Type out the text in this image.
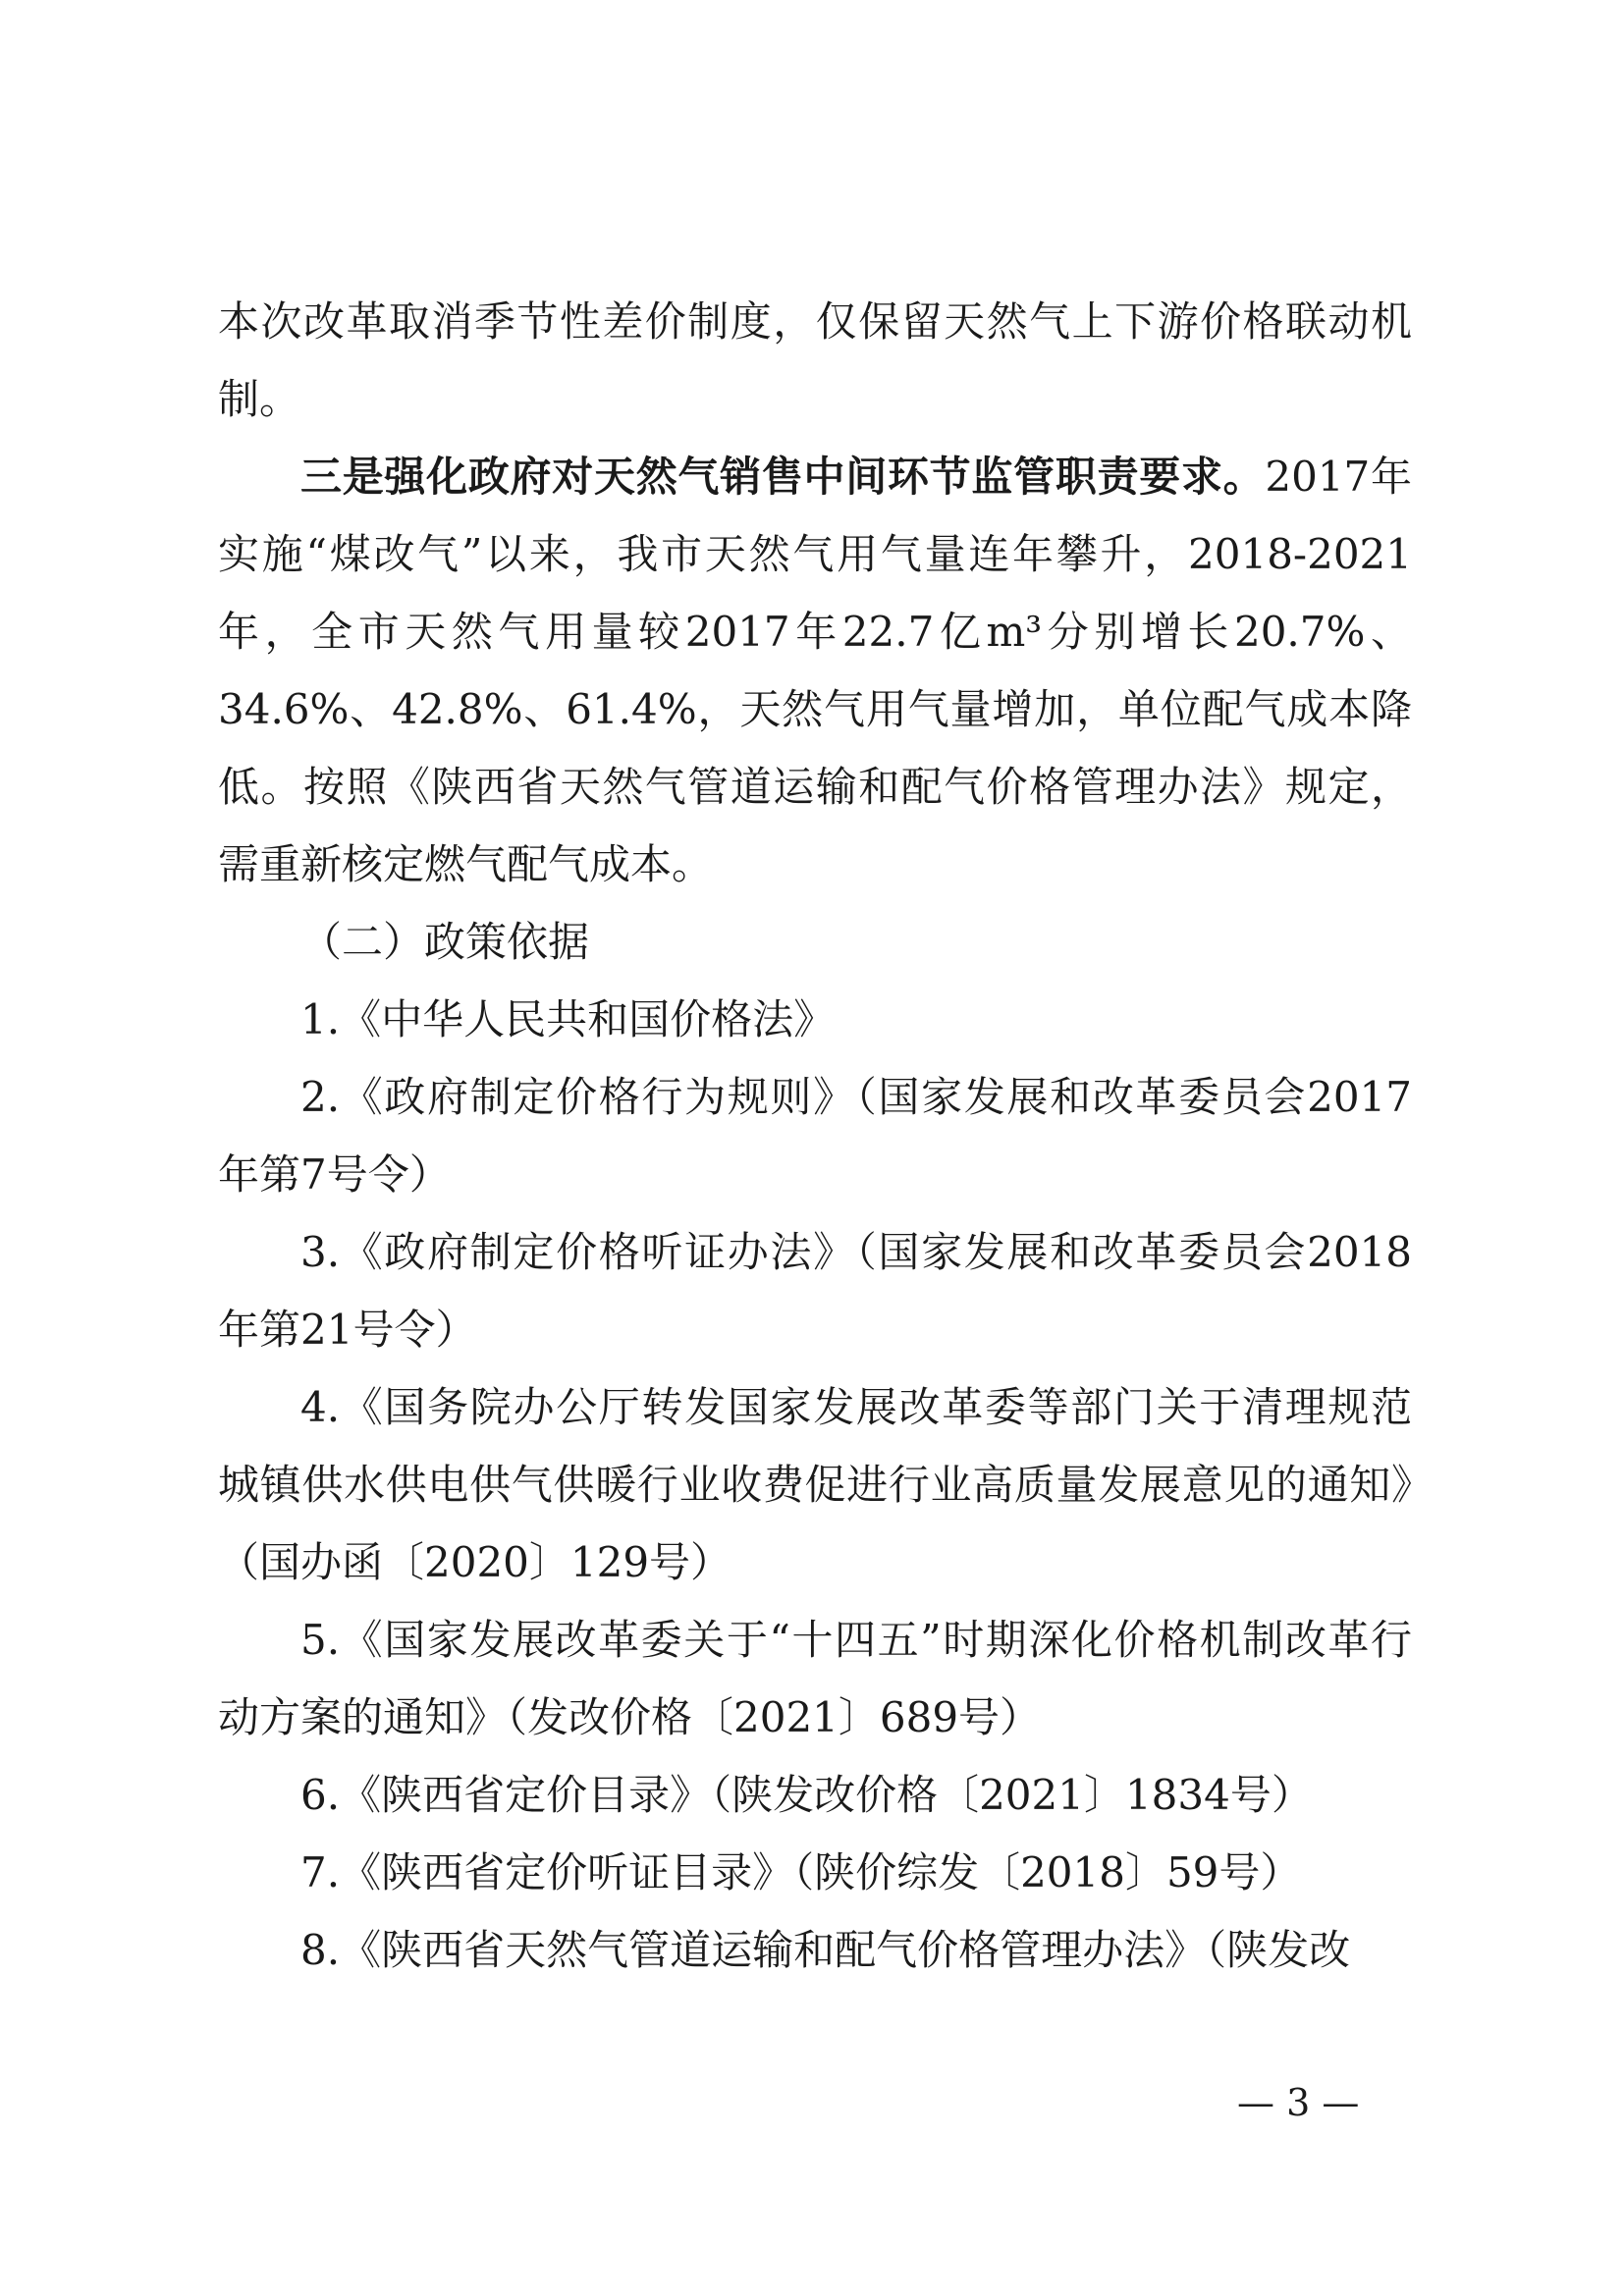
本次改革取消季节性差价制度，仅保留天然气上下游价格联动机制。

三是强化政府对天然气销售中间环节监管职责要求。2017年实施“煤改气”以来，我市天然气用气量连年攀升，2018-2021年，全市天然气用量较2017年22.7亿m³分别增长20.7%、34.6%、42.8%、61.4%，天然气用气量增加，单位配气成本降低。按照《陕西省天然气管道运输和配气价格管理办法》规定，需重新核定燃气配气成本。

（二）政策依据

1.《中华人民共和国价格法》

2.《政府制定价格行为规则》（国家发展和改革委员会2017年第7号令）

3.《政府制定价格听证办法》（国家发展和改革委员会2018年第21号令）

4.《国务院办公厅转发国家发展改革委等部门关于清理规范城镇供水供电供气供暖行业收费促进行业高质量发展意见的通知》（国办函〔2020〕129号）

5.《国家发展改革委关于“十四五”时期深化价格机制改革行动方案的通知》（发改价格〔2021〕689号）

6.《陕西省定价目录》（陕发改价格〔2021〕1834号）

7.《陕西省定价听证目录》（陕价综发〔2018〕59号）

8.《陕西省天然气管道运输和配气价格管理办法》（陕发改

— 3 —
